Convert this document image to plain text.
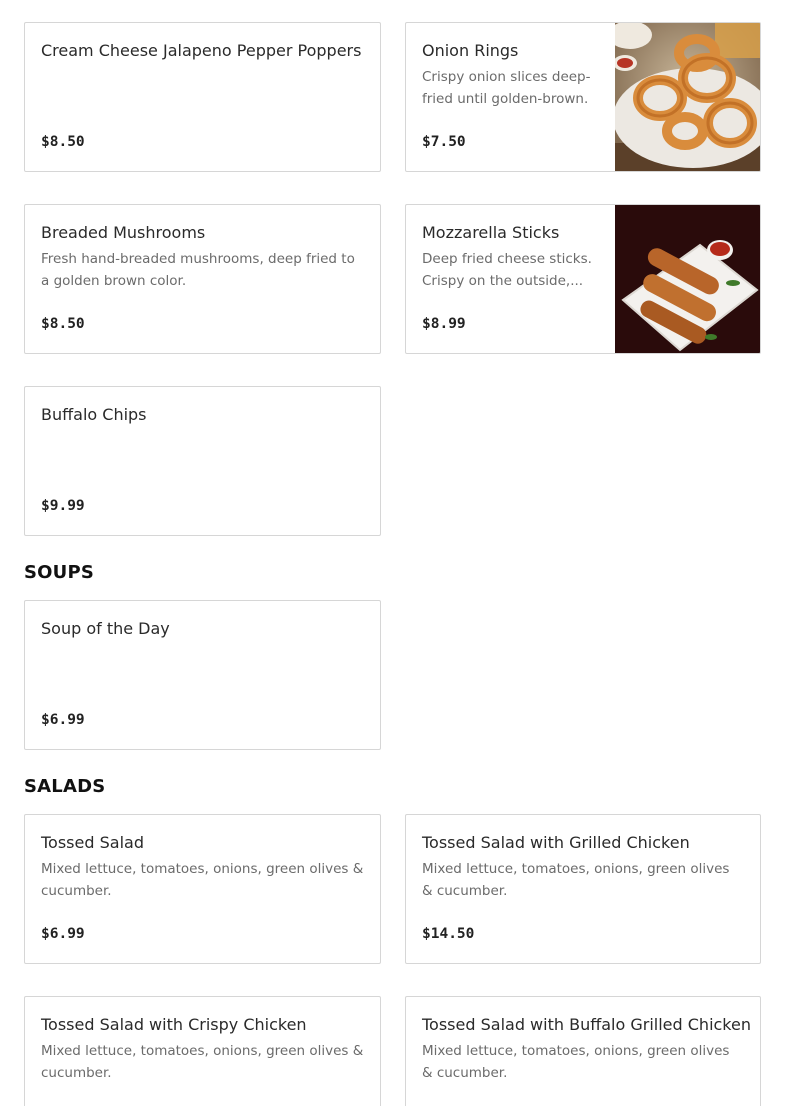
Cream Cheese Jalapeno Pepper Poppers
$8.50
Onion Rings
Crispy onion slices deep-fried until golden-brown.
$7.50
Breaded Mushrooms
Fresh hand-breaded mushrooms, deep fried to a golden brown color.
$8.50
Mozzarella Sticks
Deep fried cheese sticks. Crispy on the outside,...
$8.99
Buffalo Chips
$9.99
SOUPS
Soup of the Day
$6.99
SALADS
Tossed Salad
Mixed lettuce, tomatoes, onions, green olives & cucumber.
$6.99
Tossed Salad with Grilled Chicken
Mixed lettuce, tomatoes, onions, green olives & cucumber.
$14.50
Tossed Salad with Crispy Chicken
Mixed lettuce, tomatoes, onions, green olives & cucumber.
Tossed Salad with Buffalo Grilled Chicken
Mixed lettuce, tomatoes, onions, green olives & cucumber.
